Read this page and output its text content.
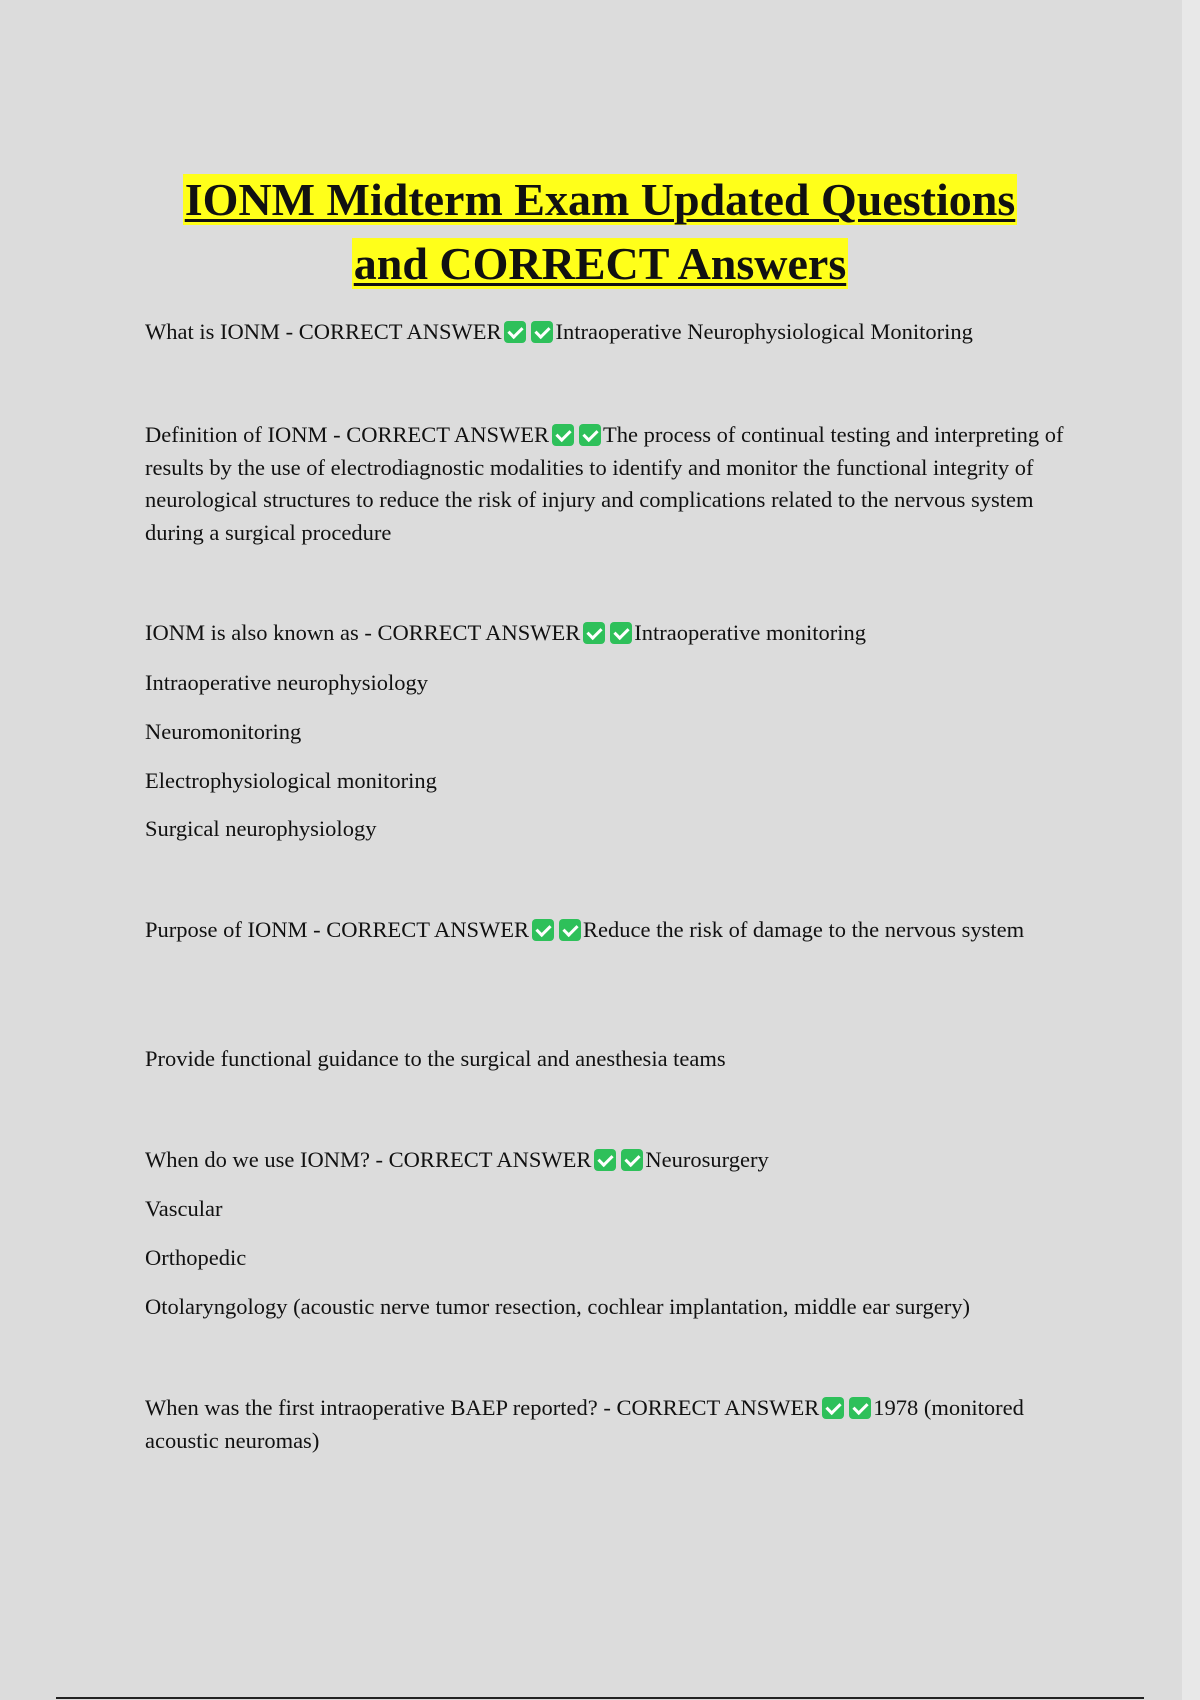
IONM Midterm Exam Updated Questions
and CORRECT Answers

What is IONM - CORRECT ANSWER Intraoperative Neurophysiological Monitoring

Definition of IONM - CORRECT ANSWER The process of continual testing and interpreting of results by the use of electrodiagnostic modalities to identify and monitor the functional integrity of neurological structures to reduce the risk of injury and complications related to the nervous system during a surgical procedure

IONM is also known as - CORRECT ANSWER Intraoperative monitoring

Intraoperative neurophysiology
Neuromonitoring
Electrophysiological monitoring
Surgical neurophysiology

Purpose of IONM - CORRECT ANSWER Reduce the risk of damage to the nervous system

Provide functional guidance to the surgical and anesthesia teams

When do we use IONM? - CORRECT ANSWER Neurosurgery

Vascular
Orthopedic
Otolaryngology (acoustic nerve tumor resection, cochlear implantation, middle ear surgery)

When was the first intraoperative BAEP reported? - CORRECT ANSWER 1978 (monitored acoustic neuromas)
